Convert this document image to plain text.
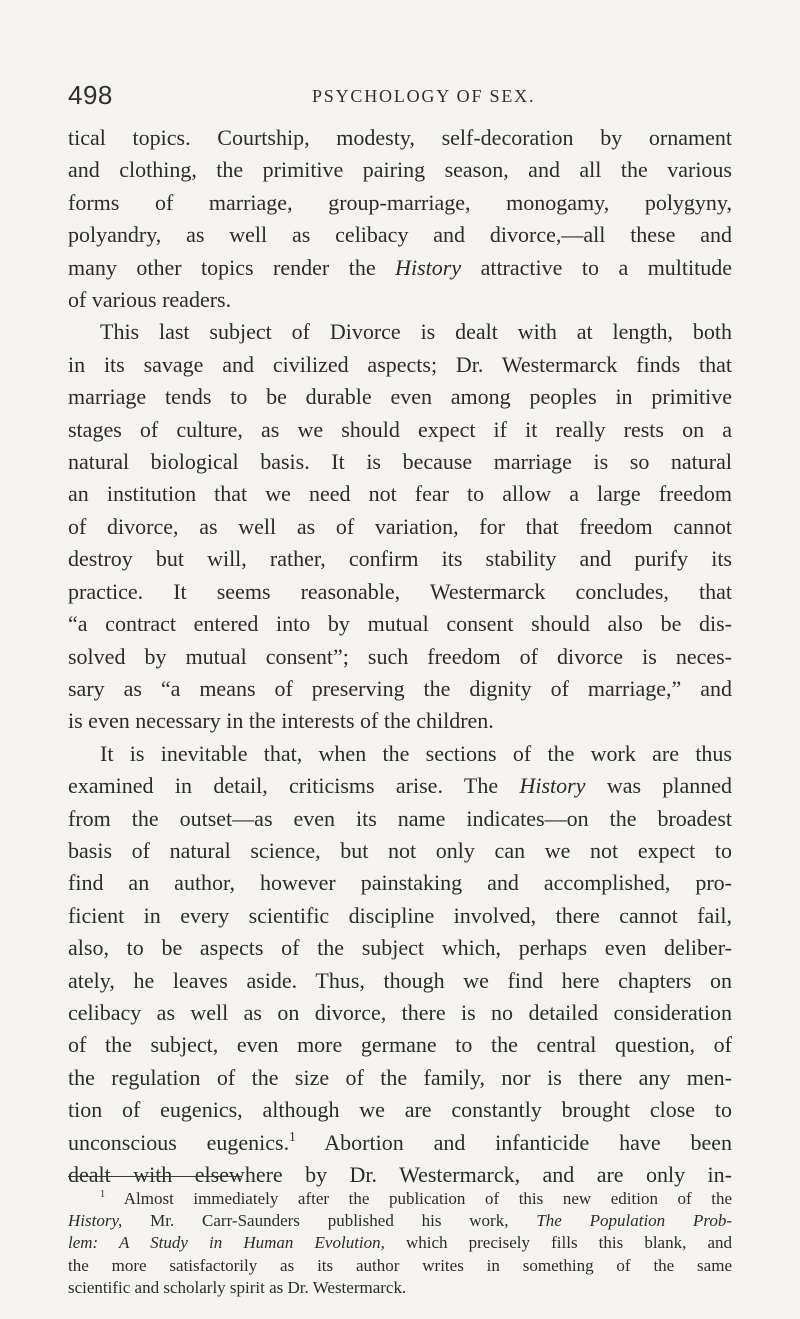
498	PSYCHOLOGY OF SEX.
tical topics. Courtship, modesty, self-decoration by ornament
and clothing, the primitive pairing season, and all the various
forms of marriage, group-marriage, monogamy, polygyny,
polyandry, as well as celibacy and divorce,—all these and
many other topics render the History attractive to a multitude
of various readers.
This last subject of Divorce is dealt with at length, both
in its savage and civilized aspects; Dr. Westermarck finds that
marriage tends to be durable even among peoples in primitive
stages of culture, as we should expect if it really rests on a
natural biological basis. It is because marriage is so natural
an institution that we need not fear to allow a large freedom
of divorce, as well as of variation, for that freedom cannot
destroy but will, rather, confirm its stability and purify its
practice. It seems reasonable, Westermarck concludes, that
“a contract entered into by mutual consent should also be dis-
solved by mutual consent”; such freedom of divorce is neces-
sary as “a means of preserving the dignity of marriage,” and
is even necessary in the interests of the children.
It is inevitable that, when the sections of the work are thus
examined in detail, criticisms arise. The History was planned
from the outset—as even its name indicates—on the broadest
basis of natural science, but not only can we not expect to
find an author, however painstaking and accomplished, pro-
ficient in every scientific discipline involved, there cannot fail,
also, to be aspects of the subject which, perhaps even deliber-
ately, he leaves aside. Thus, though we find here chapters on
celibacy as well as on divorce, there is no detailed consideration
of the subject, even more germane to the central question, of
the regulation of the size of the family, nor is there any men-
tion of eugenics, although we are constantly brought close to
unconscious eugenics.$^1$ Abortion and infanticide have been
dealt with elsewhere by Dr. Westermarck, and are only in-
$^1$ Almost immediately after the publication of this new edition of the
History, Mr. Carr-Saunders published his work, The Population Prob-
lem: A Study in Human Evolution, which precisely fills this blank, and
the more satisfactorily as its author writes in something of the same
scientific and scholarly spirit as Dr. Westermarck.
